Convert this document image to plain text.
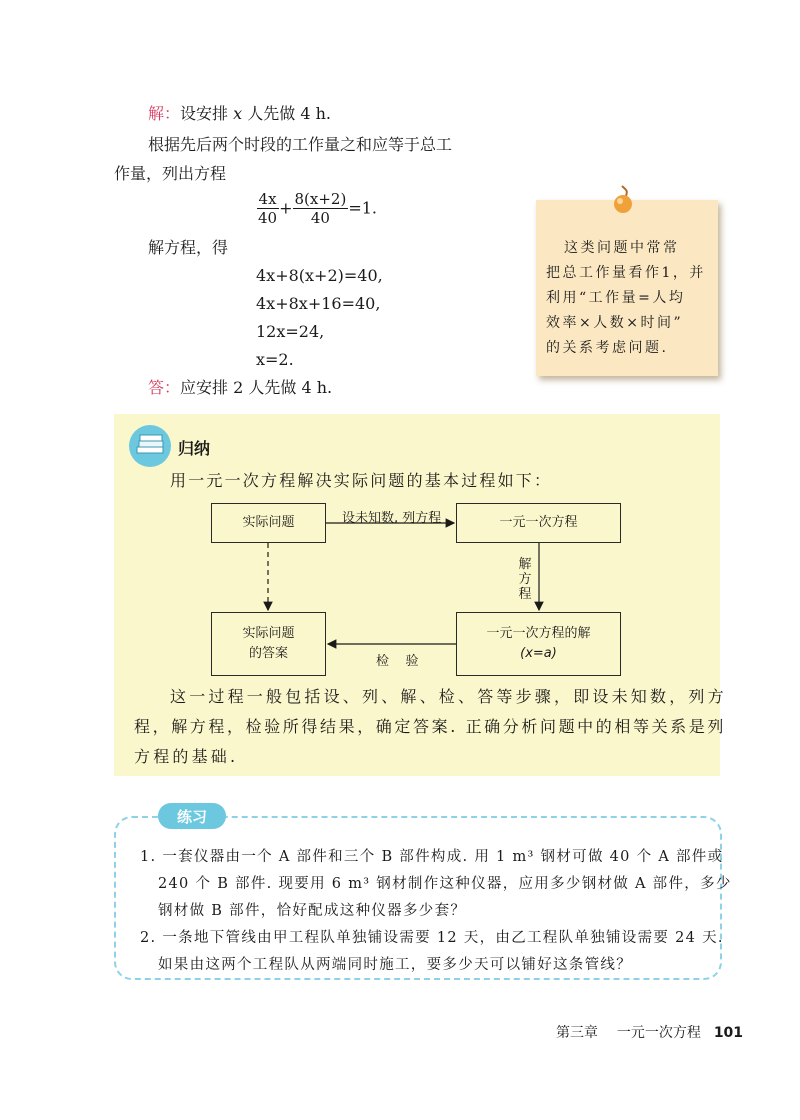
解：设安排 x 人先做 4 h.
根据先后两个时段的工作量之和应等于总工
作量，列出方程
$\frac{4x}{40} + \frac{8(x+2)}{40} =1$.
解方程，得
4x+8(x+2)=40,
4x+8x+16=40,
12x=24,
x=2.
答：应安排 2 人先做 4 h.
这类问题中常常
把总工作量看作1，并
利用“工作量=人均
效率×人数×时间”
的关系考虑问题.
归纳
用一元一次方程解决实际问题的基本过程如下：
实际问题	一元一次方程
实际问题
的答案
一元一次方程的解
(x=a)
设未知数, 列方程
解
方
程
检    验
这一过程一般包括设、列、解、检、答等步骤，即设未知数，列方
程，解方程，检验所得结果，确定答案. 正确分析问题中的相等关系是列
方程的基础.
练习
1. 一套仪器由一个 A 部件和三个 B 部件构成. 用 1 m³ 钢材可做 40 个 A 部件或
240 个 B 部件. 现要用 6 m³ 钢材制作这种仪器，应用多少钢材做 A 部件，多少
钢材做 B 部件，恰好配成这种仪器多少套？
2. 一条地下管线由甲工程队单独铺设需要 12 天，由乙工程队单独铺设需要 24 天.
如果由这两个工程队从两端同时施工，要多少天可以铺好这条管线？
第三章 一元一次方程 101
